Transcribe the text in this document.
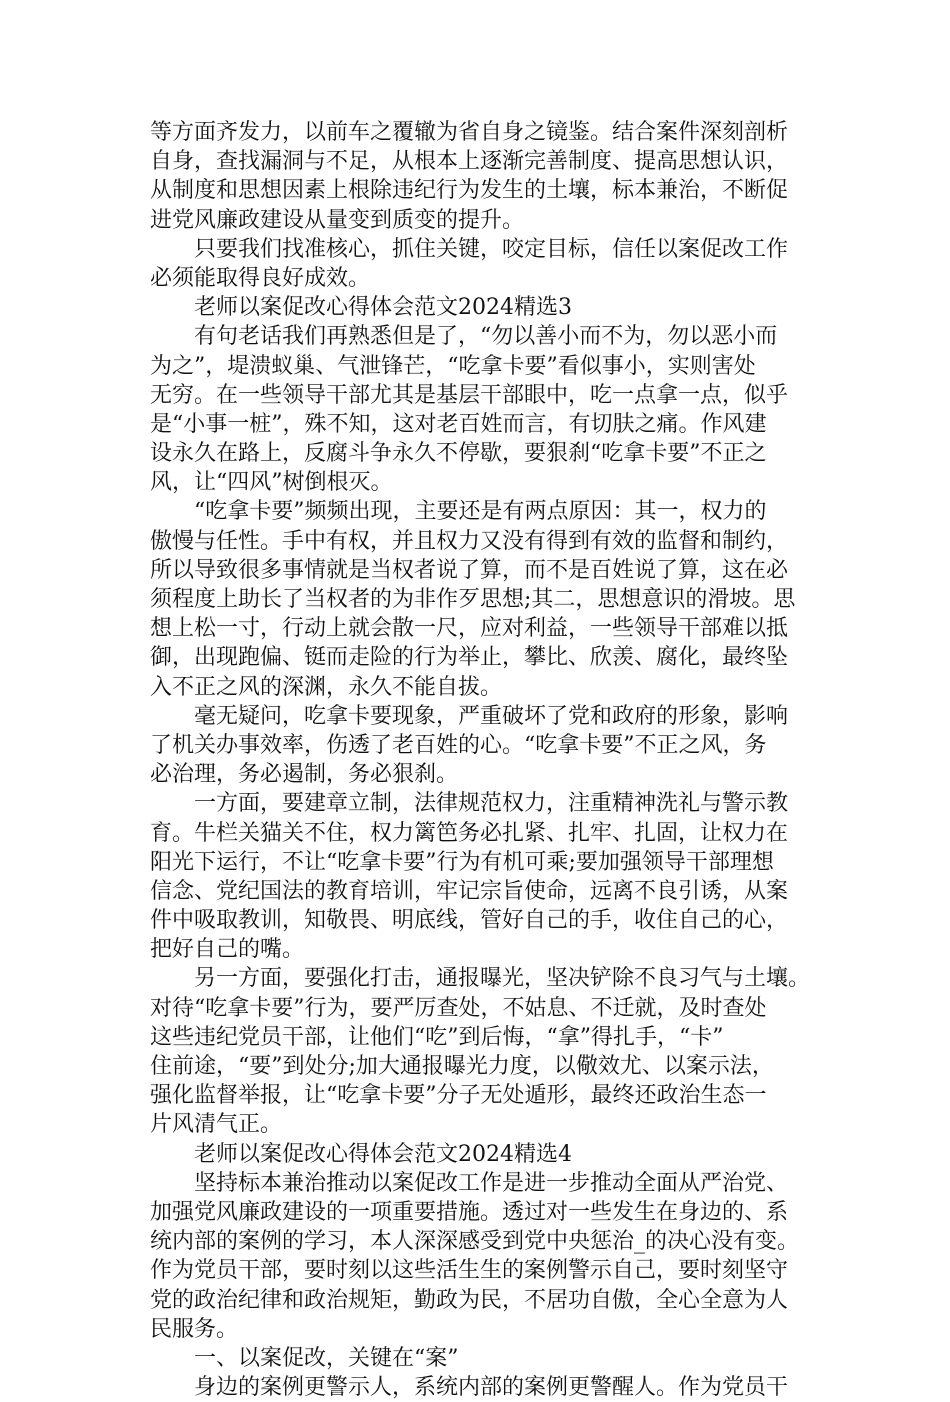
等方面齐发力，以前车之覆辙为省自身之镜鉴。结合案件深刻剖析
自身，查找漏洞与不足，从根本上逐渐完善制度、提高思想认识，
从制度和思想因素上根除违纪行为发生的土壤，标本兼治，不断促
进党风廉政建设从量变到质变的提升。
只要我们找准核心，抓住关键，咬定目标，信任以案促改工作
必须能取得良好成效。
老师以案促改心得体会范文2024精选3
有句老话我们再熟悉但是了，“勿以善小而不为，勿以恶小而
为之”，堤溃蚁巢、气泄锋芒，“吃拿卡要”看似事小，实则害处
无穷。在一些领导干部尤其是基层干部眼中，吃一点拿一点，似乎
是“小事一桩”，殊不知，这对老百姓而言，有切肤之痛。作风建
设永久在路上，反腐斗争永久不停歇，要狠刹“吃拿卡要”不正之
风，让“四风”树倒根灭。
“吃拿卡要”频频出现，主要还是有两点原因：其一，权力的
傲慢与任性。手中有权，并且权力又没有得到有效的监督和制约，
所以导致很多事情就是当权者说了算，而不是百姓说了算，这在必
须程度上助长了当权者的为非作歹思想;其二，思想意识的滑坡。思
想上松一寸，行动上就会散一尺，应对利益，一些领导干部难以抵
御，出现跑偏、铤而走险的行为举止，攀比、欣羡、腐化，最终坠
入不正之风的深渊，永久不能自拔。
毫无疑问，吃拿卡要现象，严重破坏了党和政府的形象，影响
了机关办事效率，伤透了老百姓的心。“吃拿卡要”不正之风，务
必治理，务必遏制，务必狠刹。
一方面，要建章立制，法律规范权力，注重精神洗礼与警示教
育。牛栏关猫关不住，权力篱笆务必扎紧、扎牢、扎固，让权力在
阳光下运行，不让“吃拿卡要”行为有机可乘;要加强领导干部理想
信念、党纪国法的教育培训，牢记宗旨使命，远离不良引诱，从案
件中吸取教训，知敬畏、明底线，管好自己的手，收住自己的心，
把好自己的嘴。
另一方面，要强化打击，通报曝光，坚决铲除不良习气与土壤。
对待“吃拿卡要”行为，要严厉查处，不姑息、不迁就，及时查处
这些违纪党员干部，让他们“吃”到后悔，“拿”得扎手，“卡”
住前途，“要”到处分;加大通报曝光力度，以儆效尤、以案示法，
强化监督举报，让“吃拿卡要”分子无处遁形，最终还政治生态一
片风清气正。
老师以案促改心得体会范文2024精选4
坚持标本兼治推动以案促改工作是进一步推动全面从严治党、
加强党风廉政建设的一项重要措施。透过对一些发生在身边的、系
统内部的案例的学习，本人深深感受到党中央惩治_的决心没有变。
作为党员干部，要时刻以这些活生生的案例警示自己，要时刻坚守
党的政治纪律和政治规矩，勤政为民，不居功自傲，全心全意为人
民服务。
一、以案促改，关键在“案”
身边的案例更警示人，系统内部的案例更警醒人。作为党员干
